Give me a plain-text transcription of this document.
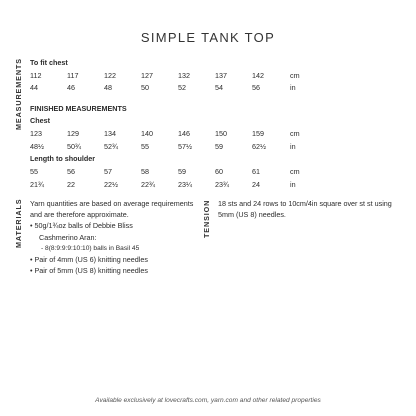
SIMPLE TANK TOP
MEASUREMENTS
MATERIALS	TENSION
To fit chest
112	117	122	127	132	137	142	cm
44	46	48	50	52	54	56	in
FINISHED MEASUREMENTS
Chest
123	129	134	140	146	150	159	cm
48½	50¾	52¾	55	57½	59	62½	in
Length to shoulder
55	56	57	58	59	60	61	cm
21¾	22	22½	22¾	23¼	23¾	24	in

Yarn quantities are based on average requirements and are therefore approximate.

• 50g/1¾oz balls of Debbie Bliss

Cashmerino Aran:

- 8(8:9:9:9:10:10) balls in Basil 45

• Pair of 4mm (US 6) knitting needles

• Pair of 5mm (US 8) knitting needles

18 sts and 24 rows to 10cm/4in square over st st using 5mm (US 8) needles.

Available exclusively at lovecrafts.com, yarn.com and other related properties
